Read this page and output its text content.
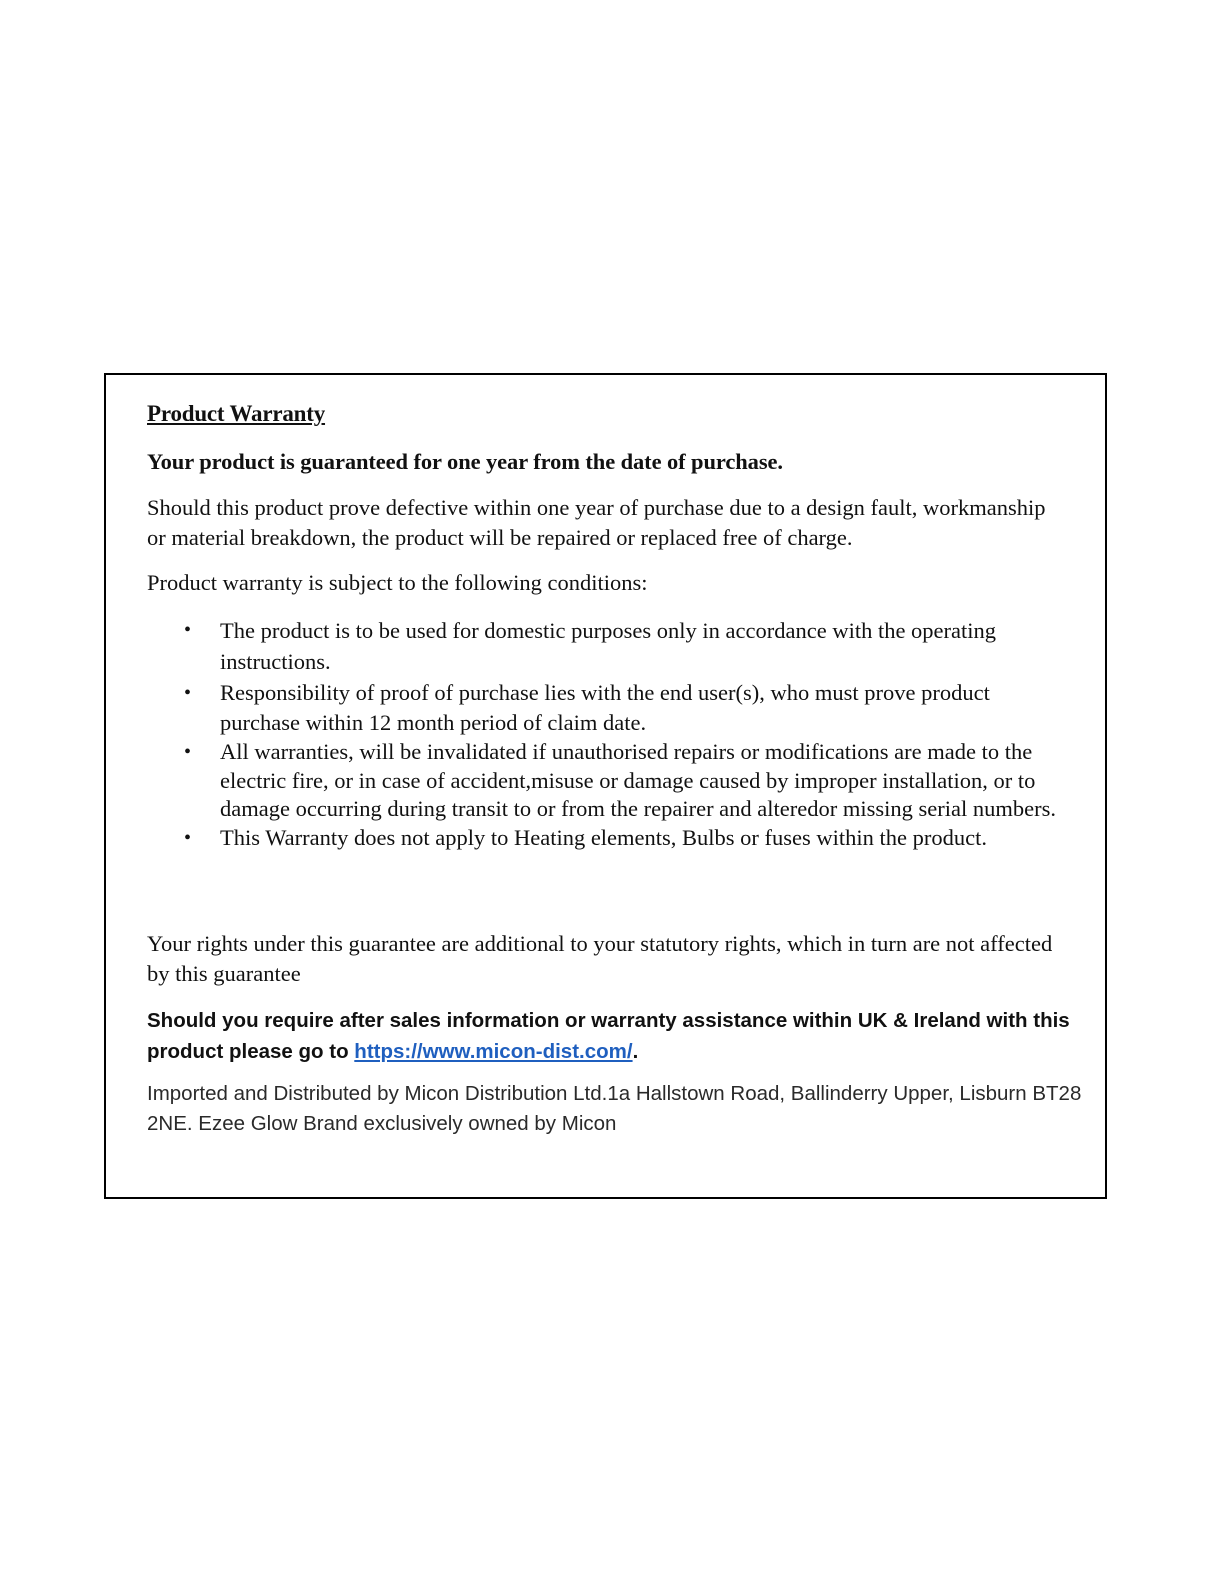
Product Warranty
Your product is guaranteed for one year from the date of purchase.
Should this product prove defective within one year of purchase due to a design fault, workmanship or material breakdown, the product will be repaired or replaced free of charge.
Product warranty is subject to the following conditions:
• The product is to be used for domestic purposes only in accordance with the operating instructions.
• Responsibility of proof of purchase lies with the end user(s), who must prove product purchase within 12 month period of claim date.
• All warranties, will be invalidated if unauthorised repairs or modifications are made to the electric fire, or in case of accident,misuse or damage caused by improper installation, or to damage occurring during transit to or from the repairer and alteredor missing serial numbers.
• This Warranty does not apply to Heating elements, Bulbs or fuses within the product.
Your rights under this guarantee are additional to your statutory rights, which in turn are not affected by this guarantee
Should you require after sales information or warranty assistance within UK & Ireland with this product please go to https://www.micon-dist.com/.
Imported and Distributed by Micon Distribution Ltd.1a Hallstown Road, Ballinderry Upper, Lisburn BT28 2NE. Ezee Glow Brand exclusively owned by Micon
